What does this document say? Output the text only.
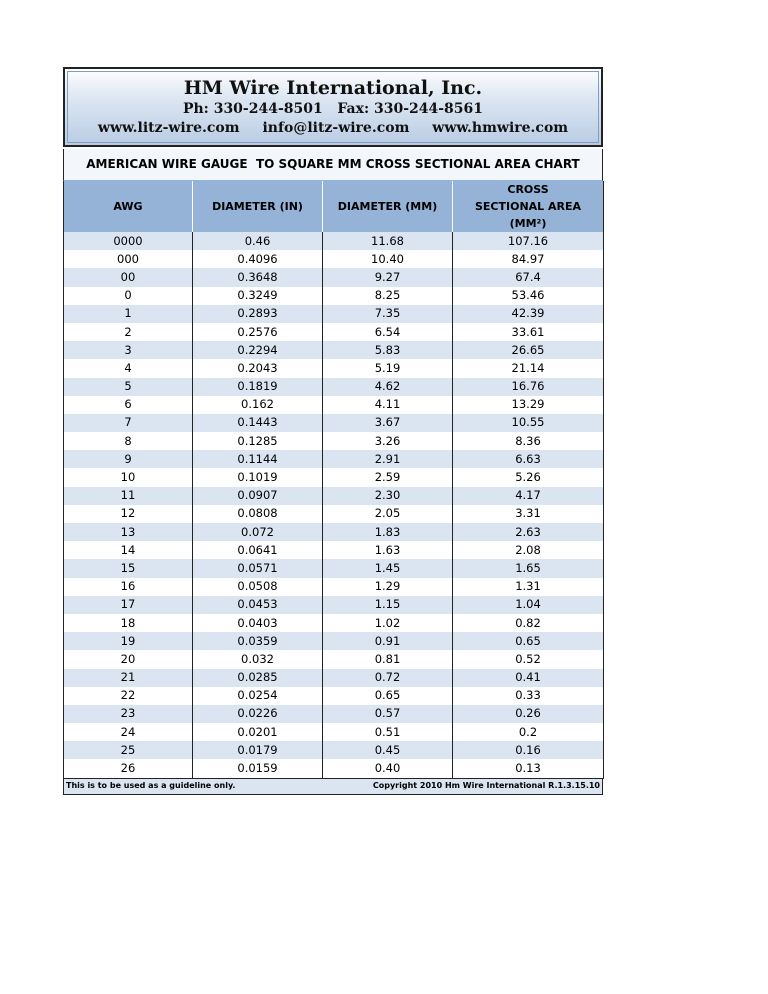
HM Wire International, Inc.
Ph: 330-244-8501   Fax: 330-244-8561
www.litz-wire.com info@litz-wire.com www.hmwire.com
AMERICAN WIRE GAUGE  TO SQUARE MM CROSS SECTIONAL AREA CHART
AWG	DIAMETER (IN)	DIAMETER (MM)	CROSS SECTIONAL AREA (MM²)
0000	0.46	11.68	107.16
000	0.4096	10.40	84.97
00	0.3648	9.27	67.4
0	0.3249	8.25	53.46
1	0.2893	7.35	42.39
2	0.2576	6.54	33.61
3	0.2294	5.83	26.65
4	0.2043	5.19	21.14
5	0.1819	4.62	16.76
6	0.162	4.11	13.29
7	0.1443	3.67	10.55
8	0.1285	3.26	8.36
9	0.1144	2.91	6.63
10	0.1019	2.59	5.26
11	0.0907	2.30	4.17
12	0.0808	2.05	3.31
13	0.072	1.83	2.63
14	0.0641	1.63	2.08
15	0.0571	1.45	1.65
16	0.0508	1.29	1.31
17	0.0453	1.15	1.04
18	0.0403	1.02	0.82
19	0.0359	0.91	0.65
20	0.032	0.81	0.52
21	0.0285	0.72	0.41
22	0.0254	0.65	0.33
23	0.0226	0.57	0.26
24	0.0201	0.51	0.2
25	0.0179	0.45	0.16
26	0.0159	0.40	0.13
This is to be used as a guideline only.	Copyright 2010 Hm Wire International R.1.3.15.10
